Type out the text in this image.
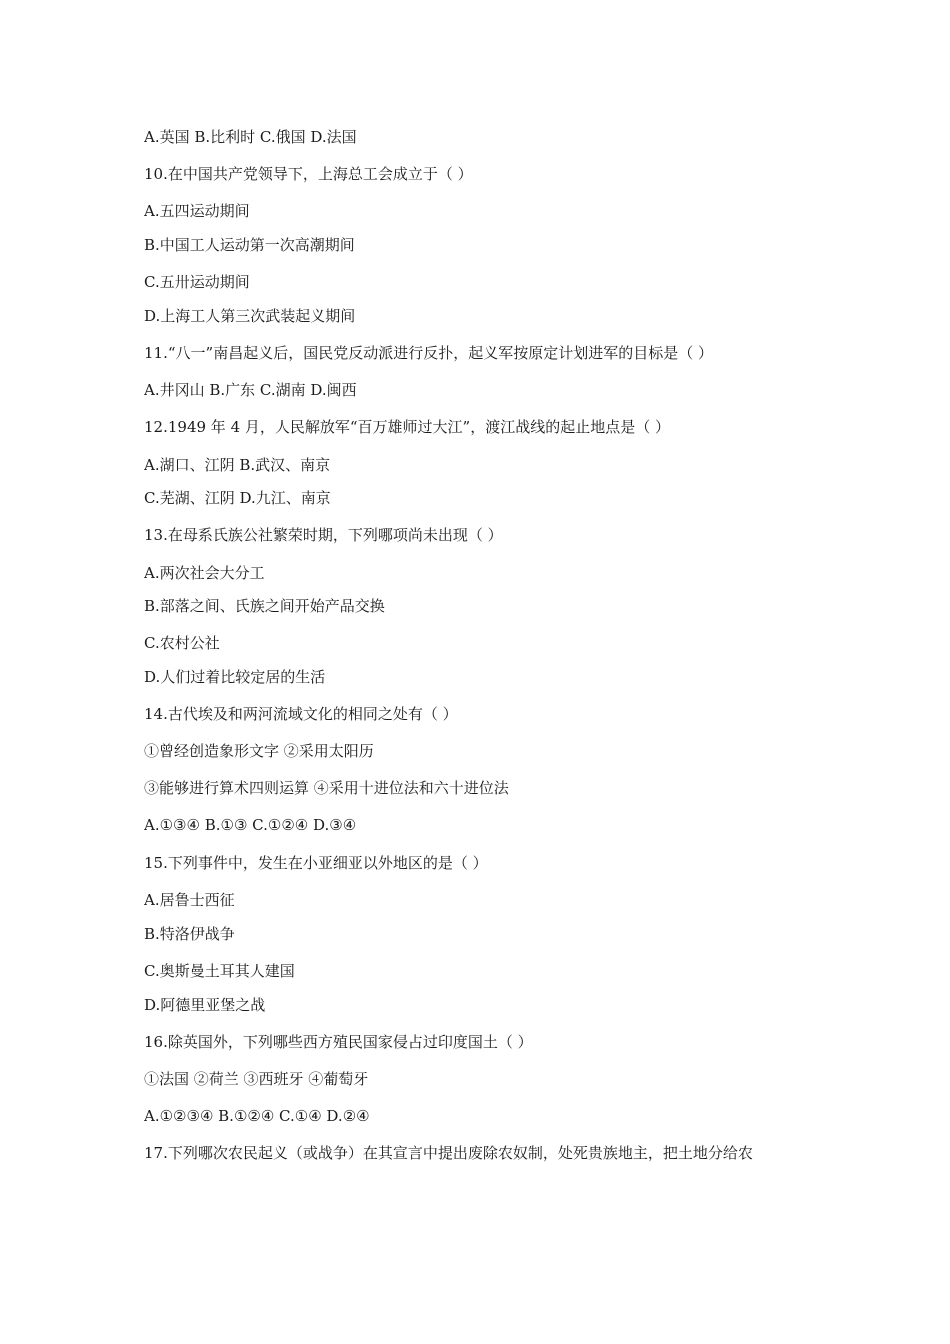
A.英国 B.比利时 C.俄国 D.法国
10.在中国共产党领导下，上海总工会成立于（ ）
A.五四运动期间
B.中国工人运动第一次高潮期间
C.五卅运动期间
D.上海工人第三次武装起义期间
11.“八一”南昌起义后，国民党反动派进行反扑，起义军按原定计划进军的目标是（ ）
A.井冈山 B.广东 C.湖南 D.闽西
12.1949 年 4 月，人民解放军“百万雄师过大江”，渡江战线的起止地点是（ ）
A.湖口、江阴 B.武汉、南京
C.芜湖、江阴 D.九江、南京
13.在母系氏族公社繁荣时期，下列哪项尚未出现（ ）
A.两次社会大分工
B.部落之间、氏族之间开始产品交换
C.农村公社
D.人们过着比较定居的生活
14.古代埃及和两河流域文化的相同之处有（ ）
①曾经创造象形文字 ②采用太阳历
③能够进行算术四则运算 ④采用十进位法和六十进位法
A.①③④ B.①③ C.①②④ D.③④
15.下列事件中，发生在小亚细亚以外地区的是（ ）
A.居鲁士西征
B.特洛伊战争
C.奥斯曼土耳其人建国
D.阿德里亚堡之战
16.除英国外，下列哪些西方殖民国家侵占过印度国土（ ）
①法国 ②荷兰 ③西班牙 ④葡萄牙
A.①②③④ B.①②④ C.①④ D.②④
17.下列哪次农民起义（或战争）在其宣言中提出废除农奴制，处死贵族地主，把土地分给农
